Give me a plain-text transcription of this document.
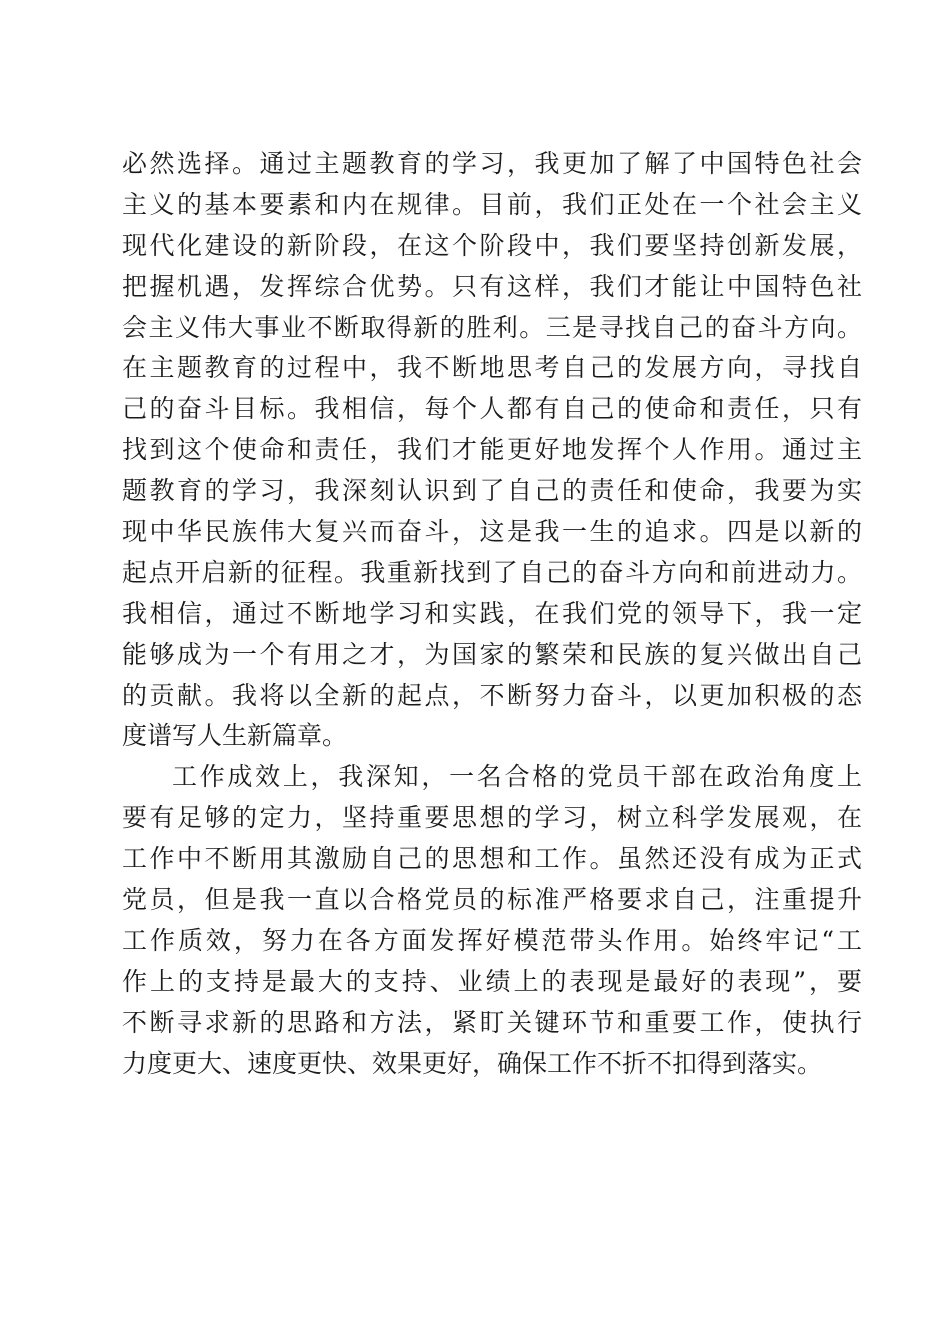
必然选择。通过主题教育的学习，我更加了解了中国特色社会
主义的基本要素和内在规律。目前，我们正处在一个社会主义
现代化建设的新阶段，在这个阶段中，我们要坚持创新发展，
把握机遇，发挥综合优势。只有这样，我们才能让中国特色社
会主义伟大事业不断取得新的胜利。三是寻找自己的奋斗方向。
在主题教育的过程中，我不断地思考自己的发展方向，寻找自
己的奋斗目标。我相信，每个人都有自己的使命和责任，只有
找到这个使命和责任，我们才能更好地发挥个人作用。通过主
题教育的学习，我深刻认识到了自己的责任和使命，我要为实
现中华民族伟大复兴而奋斗，这是我一生的追求。四是以新的
起点开启新的征程。我重新找到了自己的奋斗方向和前进动力。
我相信，通过不断地学习和实践，在我们党的领导下，我一定
能够成为一个有用之才，为国家的繁荣和民族的复兴做出自己
的贡献。我将以全新的起点，不断努力奋斗，以更加积极的态
度谱写人生新篇章。
工作成效上，我深知，一名合格的党员干部在政治角度上
要有足够的定力，坚持重要思想的学习，树立科学发展观，在
工作中不断用其激励自己的思想和工作。虽然还没有成为正式
党员，但是我一直以合格党员的标准严格要求自己，注重提升
工作质效，努力在各方面发挥好模范带头作用。始终牢记“工
作上的支持是最大的支持、业绩上的表现是最好的表现”，要
不断寻求新的思路和方法，紧盯关键环节和重要工作，使执行
力度更大、速度更快、效果更好，确保工作不折不扣得到落实。
